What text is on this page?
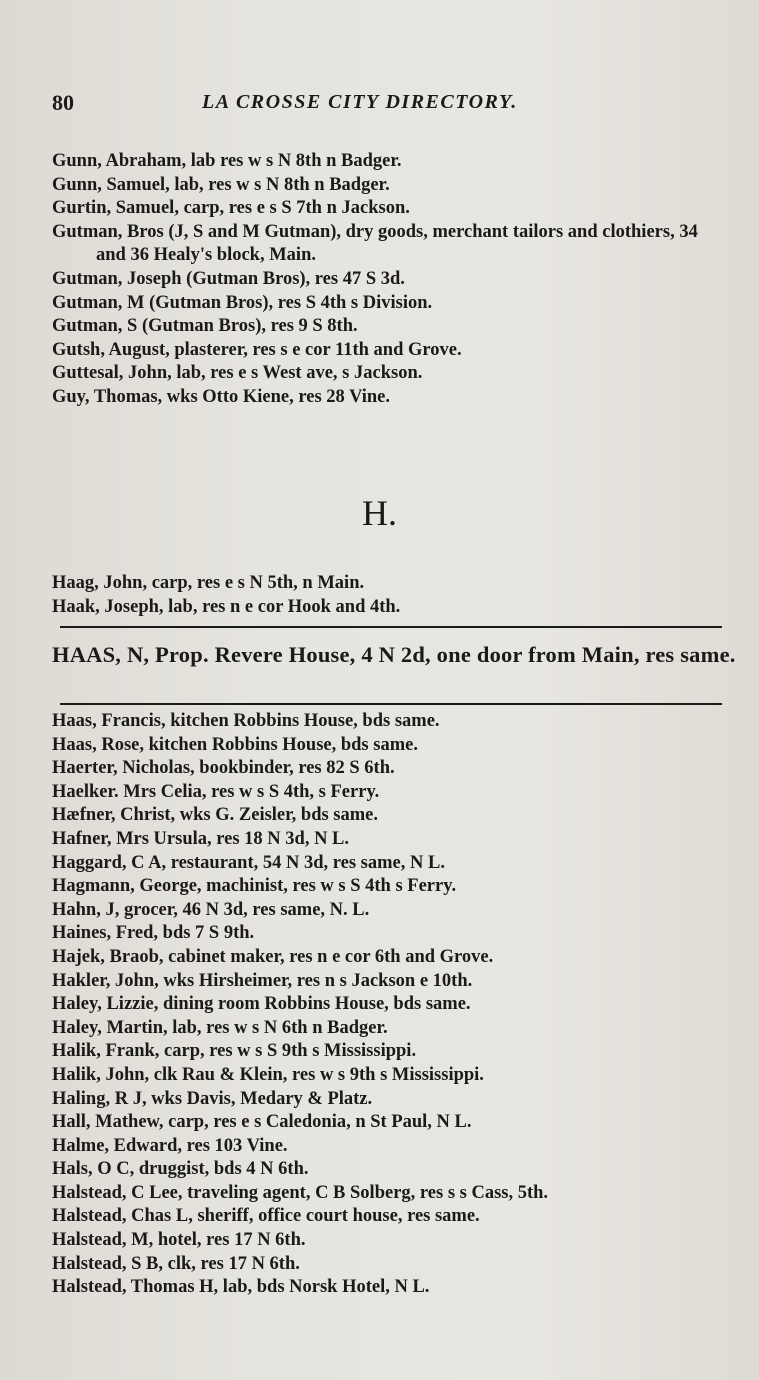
80	LA CROSSE CITY DIRECTORY.
Gunn, Abraham, lab res w s N 8th n Badger.
Gunn, Samuel, lab, res w s N 8th n Badger.
Gurtin, Samuel, carp, res e s S 7th n Jackson.
Gutman, Bros (J, S and M Gutman), dry goods, merchant tailors and clothiers, 34 and 36 Healy's block, Main.
Gutman, Joseph (Gutman Bros), res 47 S 3d.
Gutman, M (Gutman Bros), res S 4th s Division.
Gutman, S (Gutman Bros), res 9 S 8th.
Gutsh, August, plasterer, res s e cor 11th and Grove.
Guttesal, John, lab, res e s West ave, s Jackson.
Guy, Thomas, wks Otto Kiene, res 28 Vine.
H.
Haag, John, carp, res e s N 5th, n Main.
Haak, Joseph, lab, res n e cor Hook and 4th.
HAAS, N, Prop. Revere House, 4 N 2d, one door from Main, res same.
Haas, Francis, kitchen Robbins House, bds same.
Haas, Rose, kitchen Robbins House, bds same.
Haerter, Nicholas, bookbinder, res 82 S 6th.
Haelker. Mrs Celia, res w s S 4th, s Ferry.
Hæfner, Christ, wks G. Zeisler, bds same.
Hafner, Mrs Ursula, res 18 N 3d, N L.
Haggard, C A, restaurant, 54 N 3d, res same, N L.
Hagmann, George, machinist, res w s S 4th s Ferry.
Hahn, J, grocer, 46 N 3d, res same, N. L.
Haines, Fred, bds 7 S 9th.
Hajek, Braob, cabinet maker, res n e cor 6th and Grove.
Hakler, John, wks Hirsheimer, res n s Jackson e 10th.
Haley, Lizzie, dining room Robbins House, bds same.
Haley, Martin, lab, res w s N 6th n Badger.
Halik, Frank, carp, res w s S 9th s Mississippi.
Halik, John, clk Rau & Klein, res w s 9th s Mississippi.
Haling, R J, wks Davis, Medary & Platz.
Hall, Mathew, carp, res e s Caledonia, n St Paul, N L.
Halme, Edward, res 103 Vine.
Hals, O C, druggist, bds 4 N 6th.
Halstead, C Lee, traveling agent, C B Solberg, res s s Cass, 5th.
Halstead, Chas L, sheriff, office court house, res same.
Halstead, M, hotel, res 17 N 6th.
Halstead, S B, clk, res 17 N 6th.
Halstead, Thomas H, lab, bds Norsk Hotel, N L.
